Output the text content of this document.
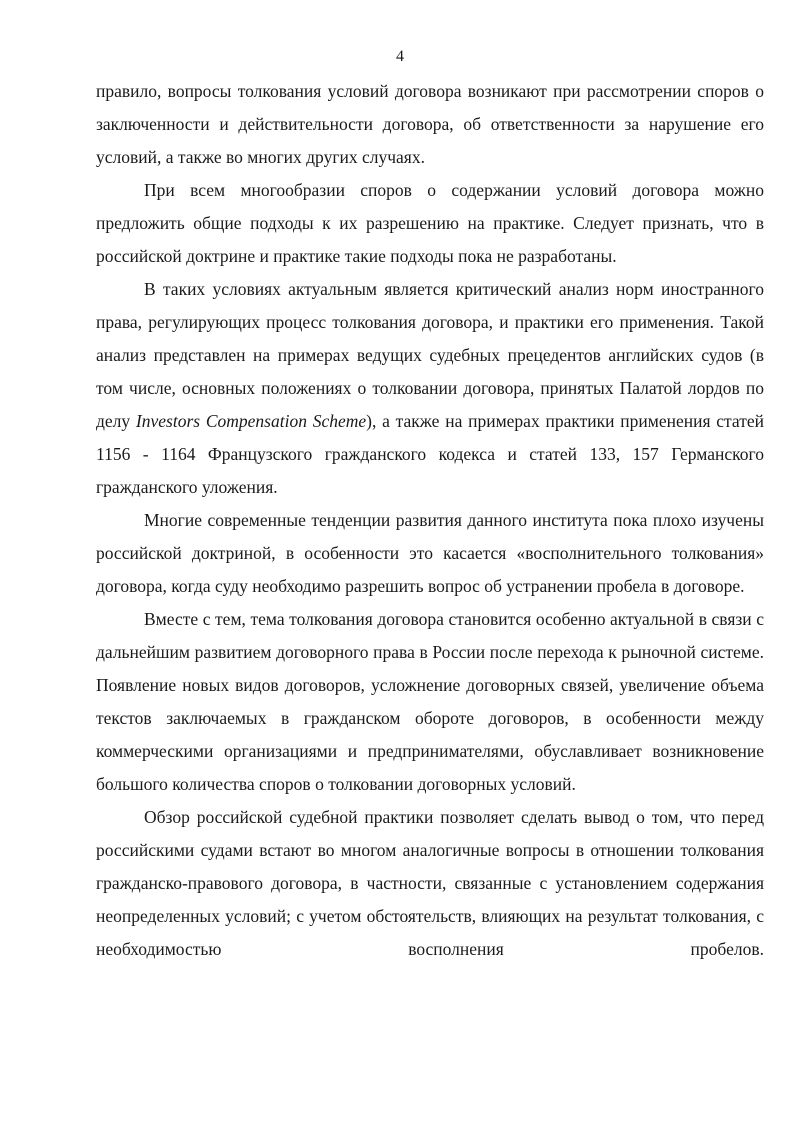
4

правило, вопросы толкования условий договора возникают при рассмотрении споров о заключенности и действительности договора, об ответственности за нарушение его условий, а также во многих других случаях.

При всем многообразии споров о содержании условий договора можно предложить общие подходы к их разрешению на практике. Следует признать, что в российской доктрине и практике такие подходы пока не разработаны.

В таких условиях актуальным является критический анализ норм иностранного права, регулирующих процесс толкования договора, и практики его применения. Такой анализ представлен на примерах ведущих судебных прецедентов английских судов (в том числе, основных положениях о толковании договора, принятых Палатой лордов по делу Investors Compensation Scheme), а также на примерах практики применения статей 1156 - 1164 Французского гражданского кодекса и статей 133, 157 Германского гражданского уложения.

Многие современные тенденции развития данного института пока плохо изучены российской доктриной, в особенности это касается «восполнительного толкования» договора, когда суду необходимо разрешить вопрос об устранении пробела в договоре.

Вместе с тем, тема толкования договора становится особенно актуальной в связи с дальнейшим развитием договорного права в России после перехода к рыночной системе. Появление новых видов договоров, усложнение договорных связей, увеличение объема текстов заключаемых в гражданском обороте договоров, в особенности между коммерческими организациями и предпринимателями, обуславливает возникновение большого количества споров о толковании договорных условий.

Обзор российской судебной практики позволяет сделать вывод о том, что перед российскими судами встают во многом аналогичные вопросы в отношении толкования гражданско-правового договора, в частности, связанные с установлением содержания неопределенных условий; с учетом обстоятельств, влияющих на результат толкования, с необходимостью восполнения пробелов.
